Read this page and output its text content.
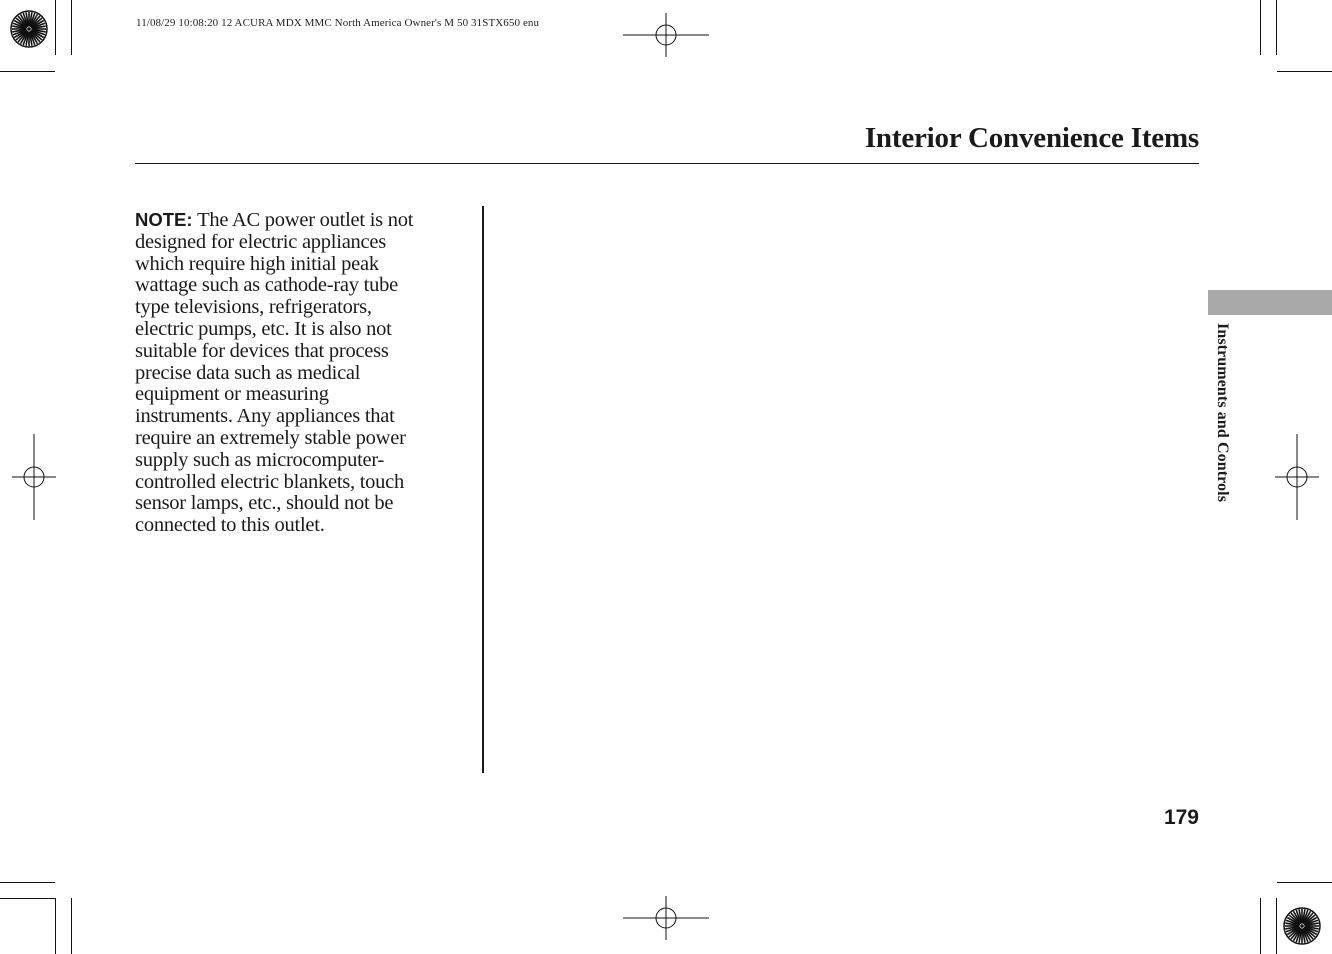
11/08/29 10:08:20 12 ACURA MDX MMC North America Owner's M 50 31STX650 enu
Interior Convenience Items
NOTE: The AC power outlet is not
designed for electric appliances
which require high initial peak
wattage such as cathode-ray tube
type televisions, refrigerators,
electric pumps, etc. It is also not
suitable for devices that process
precise data such as medical
equipment or measuring
instruments. Any appliances that
require an extremely stable power
supply such as microcomputer-
controlled electric blankets, touch
sensor lamps, etc., should not be
connected to this outlet.
Instruments and Controls
179
